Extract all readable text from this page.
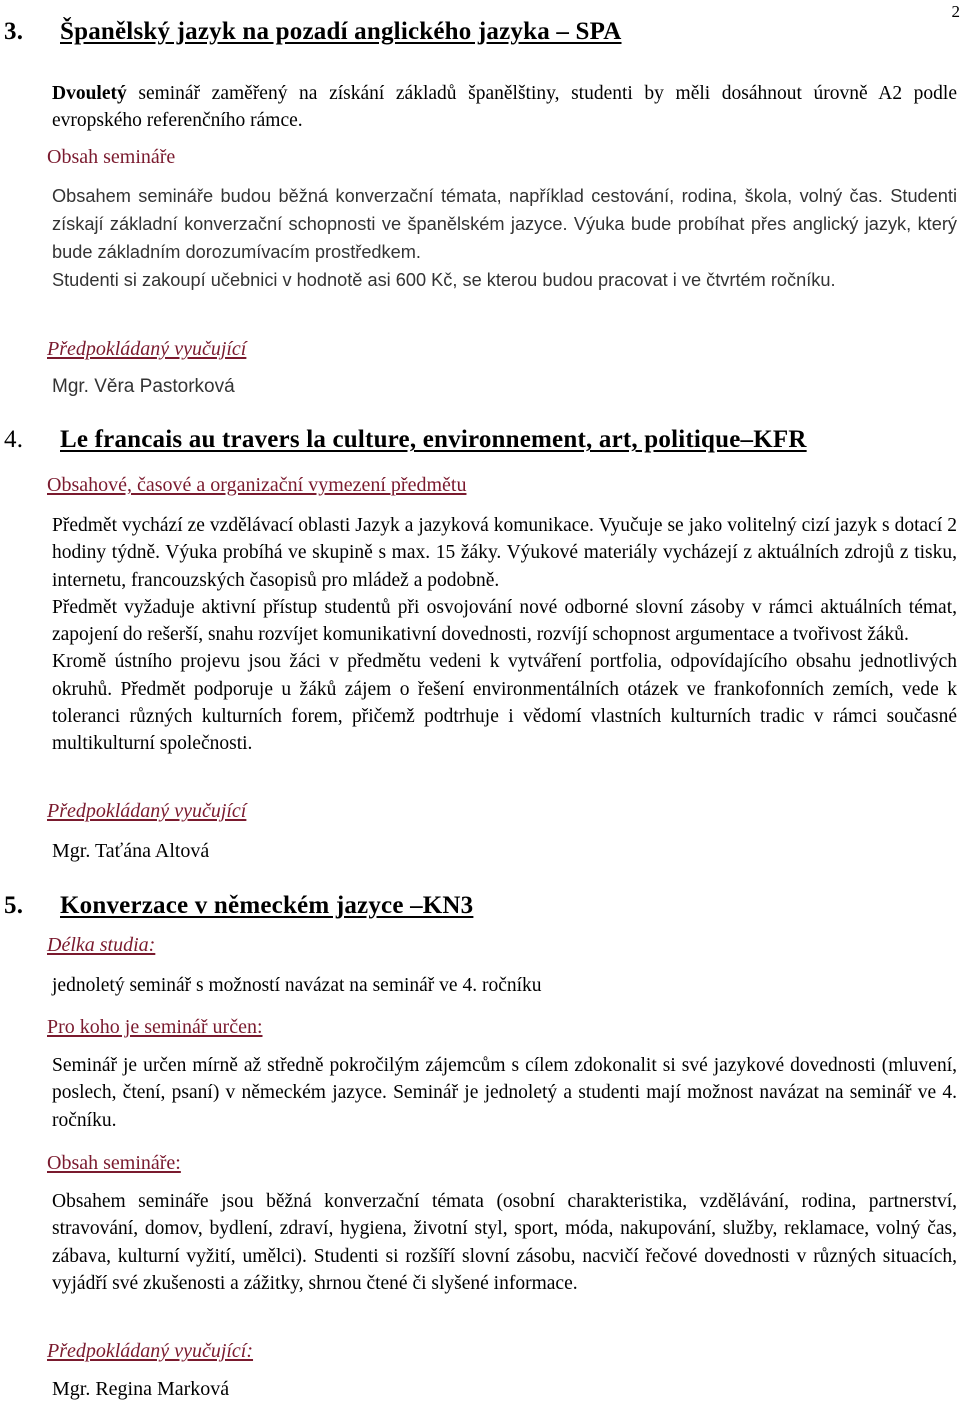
2
3. Španělský jazyk na pozadí anglického jazyka – SPA

Dvouletý seminář zaměřený na získání základů španělštiny, studenti by měli dosáhnout úrovně A2 podle evropského referenčního rámce.

Obsah semináře

Obsahem semináře budou běžná konverzační témata, například cestování, rodina, škola, volný čas. Studenti získají základní konverzační schopnosti ve španělském jazyce. Výuka bude probíhat přes anglický jazyk, který bude základním dorozumívacím prostředkem.

Studenti si zakoupí učebnici v hodnotě asi 600 Kč, se kterou budou pracovat i ve čtvrtém ročníku.

Předpokládaný vyučující
Mgr. Věra Pastorková
4. Le francais au travers la culture, environnement, art, politique–KFR
Obsahové, časové a organizační vymezení předmětu

Předmět vychází ze vzdělávací oblasti Jazyk a jazyková komunikace. Vyučuje se jako volitelný cizí jazyk s dotací 2 hodiny týdně. Výuka probíhá ve skupině s max. 15 žáky. Výukové materiály vycházejí z aktuálních zdrojů z tisku, internetu, francouzských časopisů pro mládež a podobně.

Předmět vyžaduje aktivní přístup studentů při osvojování nové odborné slovní zásoby v rámci aktuálních témat, zapojení do rešerší, snahu rozvíjet komunikativní dovednosti, rozvíjí schopnost argumentace a tvořivost žáků.

Kromě ústního projevu jsou žáci v předmětu vedeni k vytváření portfolia, odpovídajícího obsahu jednotlivých okruhů. Předmět podporuje u žáků zájem o řešení environmentálních otázek ve frankofonních zemích, vede k toleranci různých kulturních forem, přičemž podtrhuje i vědomí vlastních kulturních tradic v rámci současné multikulturní společnosti.

Předpokládaný vyučující
Mgr. Taťána Altová
5. Konverzace v německém jazyce –KN3
Délka studia:

jednoletý seminář s možností navázat na seminář ve 4. ročníku

Pro koho je seminář určen:

Seminář je určen mírně až středně pokročilým zájemcům s cílem zdokonalit si své jazykové dovednosti (mluvení, poslech, čtení, psaní) v německém jazyce. Seminář je jednoletý a studenti mají možnost navázat na seminář ve 4. ročníku.

Obsah semináře:

Obsahem semináře jsou běžná konverzační témata (osobní charakteristika, vzdělávání, rodina, partnerství, stravování, domov, bydlení, zdraví, hygiena, životní styl, sport, móda, nakupování, služby, reklamace, volný čas, zábava, kulturní vyžití, umělci). Studenti si rozšíří slovní zásobu, nacvičí řečové dovednosti v různých situacích, vyjádří své zkušenosti a zážitky, shrnou čtené či slyšené informace.

Předpokládaný vyučující:
Mgr. Regina Marková
